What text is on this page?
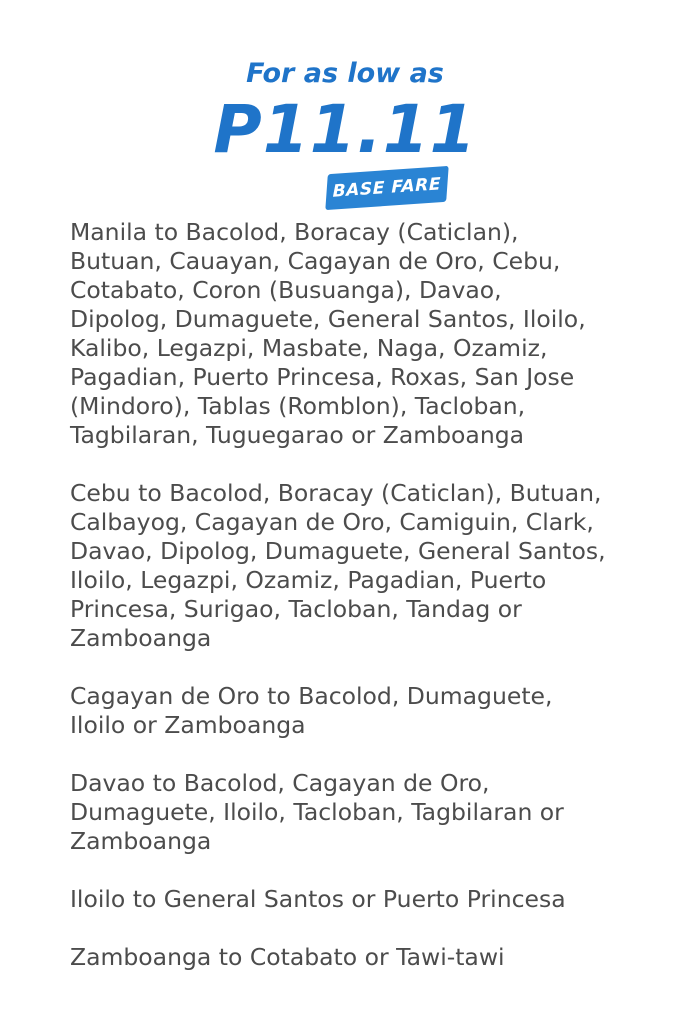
For as low as
P11.11
BASE FARE
Manila to Bacolod, Boracay (Caticlan),
Butuan, Cauayan, Cagayan de Oro, Cebu,
Cotabato, Coron (Busuanga), Davao,
Dipolog, Dumaguete, General Santos, Iloilo,
Kalibo, Legazpi, Masbate, Naga, Ozamiz,
Pagadian, Puerto Princesa, Roxas, San Jose
(Mindoro), Tablas (Romblon), Tacloban,
Tagbilaran, Tuguegarao or Zamboanga
Cebu to Bacolod, Boracay (Caticlan), Butuan,
Calbayog, Cagayan de Oro, Camiguin, Clark,
Davao, Dipolog, Dumaguete, General Santos,
Iloilo, Legazpi, Ozamiz, Pagadian, Puerto
Princesa, Surigao, Tacloban, Tandag or
Zamboanga
Cagayan de Oro to Bacolod, Dumaguete,
Iloilo or Zamboanga
Davao to Bacolod, Cagayan de Oro,
Dumaguete, Iloilo, Tacloban, Tagbilaran or
Zamboanga
Iloilo to General Santos or Puerto Princesa
Zamboanga to Cotabato or Tawi-tawi
